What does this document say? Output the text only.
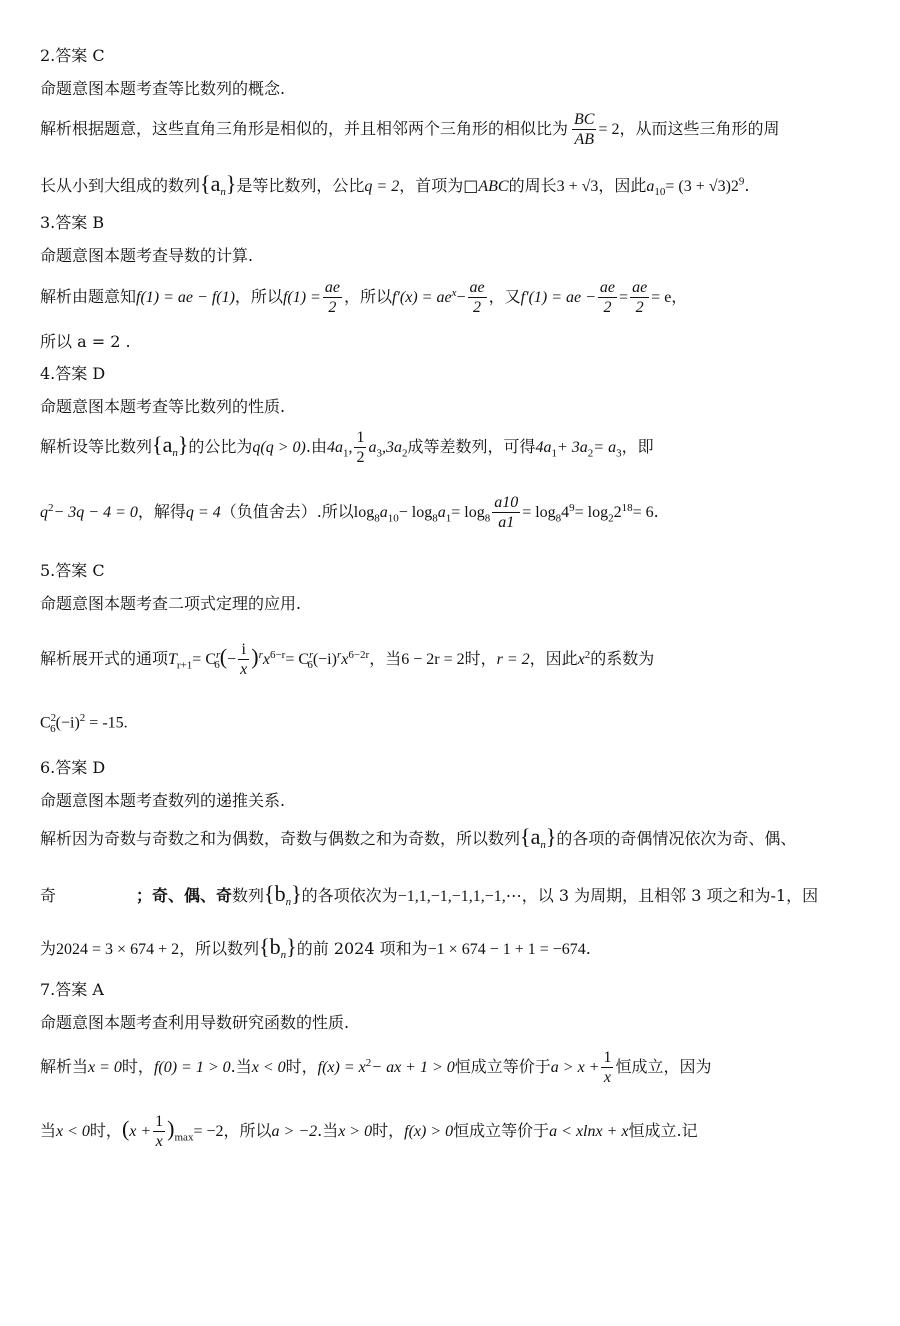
2.答案 C
命题意图本题考查等比数列的概念.
解析根据题意，这些直角三角形是相似的，并且相邻两个三角形的相似比为 $\frac{BC}{AB} = 2$，从而这些三角形的周
长从小到大组成的数列$\{a_n\}$是等比数列，公比q = 2，首项为□ABC的周长3 + √3，因此$a_{10}= (3 + √3)2^9$.
3.答案 B
命题意图本题考查导数的计算.
解析由题意知f(1) = ae − f(1)，所以$f(1) = \frac{ae}{2}$ ，所以$f'(x) = ae^x- \frac{ae}{2}$ ，又f′(1) = ae − $\frac{ae}{2} = \frac{ae}{2} = e$，
所以 a = 2 .
4.答案 D
命题意图本题考查等比数列的性质.
解析设等比数列$\{a_n\}$的公比为q(q > 0).由$4a_1$, $\frac{1}{2} a_3,3a_2$成等差数列，可得$4a_1+ 3a_2= a_3$，即
$q^2- 3q - 4 = 0$，解得q = 4（负值舍去）.所以$\log_8a_{10}- \log_8a_1= \log_8 \frac{a10}{a1} = \log_84^9= \log_22^{18}= 6$.
5.答案 C
命题意图本题考查二项式定理的应用.
解析展开式的通项$T_{r+1}= C^r_6(- \frac{i}{x} )^rx^{6-r}= C^r_6(-i)^rx^{6-2r}$，当6 − 2r = 2时，r = 2，因此$x^2$的系数为
$C^2_6(-i)^2 = -15$.
6.答案 D
命题意图本题考查数列的递推关系.
解析因为奇数与奇数之和为偶数，奇数与偶数之和为奇数，所以数列$\{a_n\}$的各项的奇偶情况依次为奇、偶、
奇	；奇、偶、奇数列$\{b_n\}$的各项依次为−1,1,−1,−1,1,−1,⋯，以 3 为周期，且相邻 3 项之和为-1，因
为2024 = 3 × 674 + 2，所以数列$\{b_n\}$的前 2024 项和为−1 × 674 − 1 + 1 = −674.
7.答案 A
命题意图本题考查利用导数研究函数的性质.
解析当x = 0时，f(0) = 1 > 0.当x < 0时，$f(x) = x^2-$ ax + 1 > 0恒成立等价于$a > x + \frac{1}{x}$ 恒成立，因为
当x < 0时，$(x + \frac{1}{x} )_{max}= -2$，所以a > −2.当x > 0时，f(x) > 0恒成立等价于a < xlnx + x恒成立.记
